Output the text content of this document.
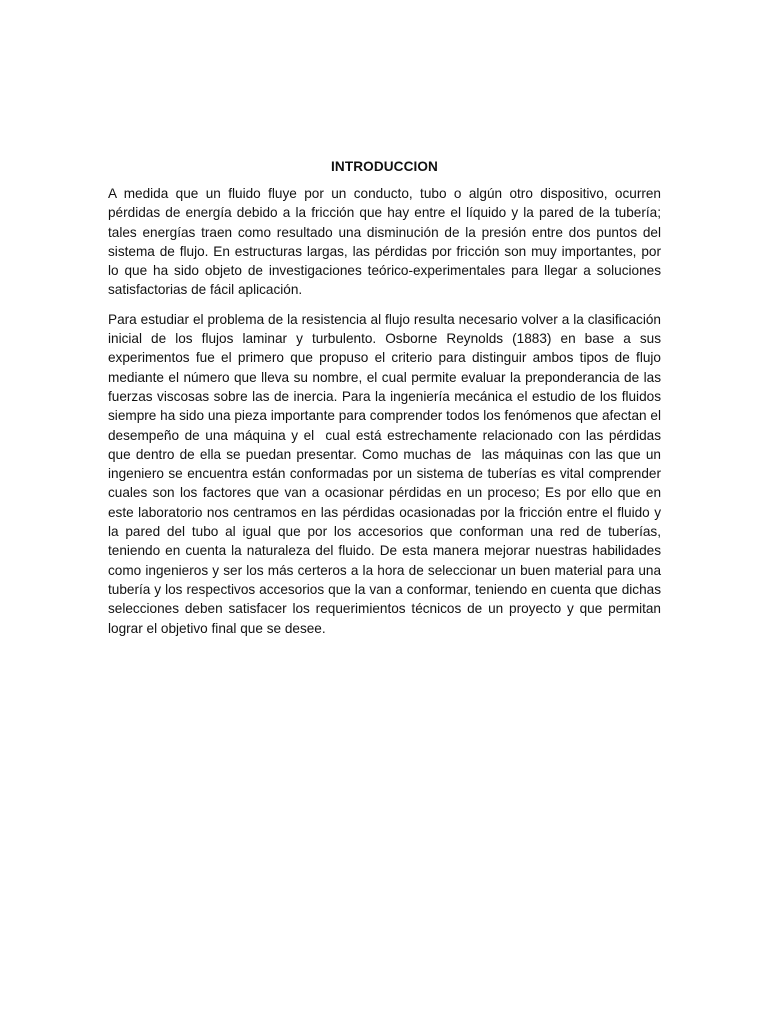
INTRODUCCION

A medida que un fluido fluye por un conducto, tubo o algún otro dispositivo, ocurren pérdidas de energía debido a la fricción que hay entre el líquido y la pared de la tubería; tales energías traen como resultado una disminución de la presión entre dos puntos del sistema de flujo. En estructuras largas, las pérdidas por fricción son muy importantes, por lo que ha sido objeto de investigaciones teórico-experimentales para llegar a soluciones satisfactorias de fácil aplicación.

Para estudiar el problema de la resistencia al flujo resulta necesario volver a la clasificación inicial de los flujos laminar y turbulento. Osborne Reynolds (1883) en base a sus experimentos fue el primero que propuso el criterio para distinguir ambos tipos de flujo mediante el número que lleva su nombre, el cual permite evaluar la preponderancia de las fuerzas viscosas sobre las de inercia. Para la ingeniería mecánica el estudio de los fluidos siempre ha sido una pieza importante para comprender todos los fenómenos que afectan el desempeño de una máquina y el  cual está estrechamente relacionado con las pérdidas que dentro de ella se puedan presentar. Como muchas de  las máquinas con las que un ingeniero se encuentra están conformadas por un sistema de tuberías es vital comprender cuales son los factores que van a ocasionar pérdidas en un proceso; Es por ello que en este laboratorio nos centramos en las pérdidas ocasionadas por la fricción entre el fluido y la pared del tubo al igual que por los accesorios que conforman una red de tuberías, teniendo en cuenta la naturaleza del fluido. De esta manera mejorar nuestras habilidades como ingenieros y ser los más certeros a la hora de seleccionar un buen material para una tubería y los respectivos accesorios que la van a conformar, teniendo en cuenta que dichas selecciones deben satisfacer los requerimientos técnicos de un proyecto y que permitan lograr el objetivo final que se desee.
